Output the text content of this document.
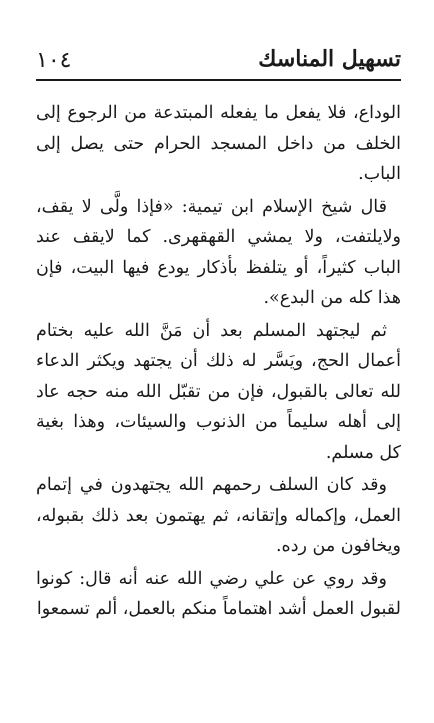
١٠٤	تسهيل المناسك

الوداع، فلا يفعل ما يفعله المبتدعة من الرجوع إلى الخلف من داخل المسجد الحرام حتى يصل إلى الباب.

قال شيخ الإسلام ابن تيمية: «فإذا ولَّى لا يقف، ولايلتفت، ولا يمشي القهقهرى. كما لايقف عند الباب كثيراً، أو يتلفظ بأذكار يودع فيها البيت، فإن هذا كله من البدع».

ثم ليجتهد المسلم بعد أن مَنَّ الله عليه بختام أعمال الحج، ويَسَّر له ذلك أن يجتهد ويكثر الدعاء لله تعالى بالقبول، فإن من تقبّل الله منه حجه عاد إلى أهله سليماً من الذنوب والسيئات، وهذا بغية كل مسلم.

وقد كان السلف رحمهم الله يجتهدون في إتمام العمل، وإكماله وإتقانه، ثم يهتمون بعد ذلك بقبوله، ويخافون من رده.

وقد روي عن علي رضي الله عنه أنه قال: كونوا لقبول العمل أشد اهتماماً منكم بالعمل، ألم تسمعوا
